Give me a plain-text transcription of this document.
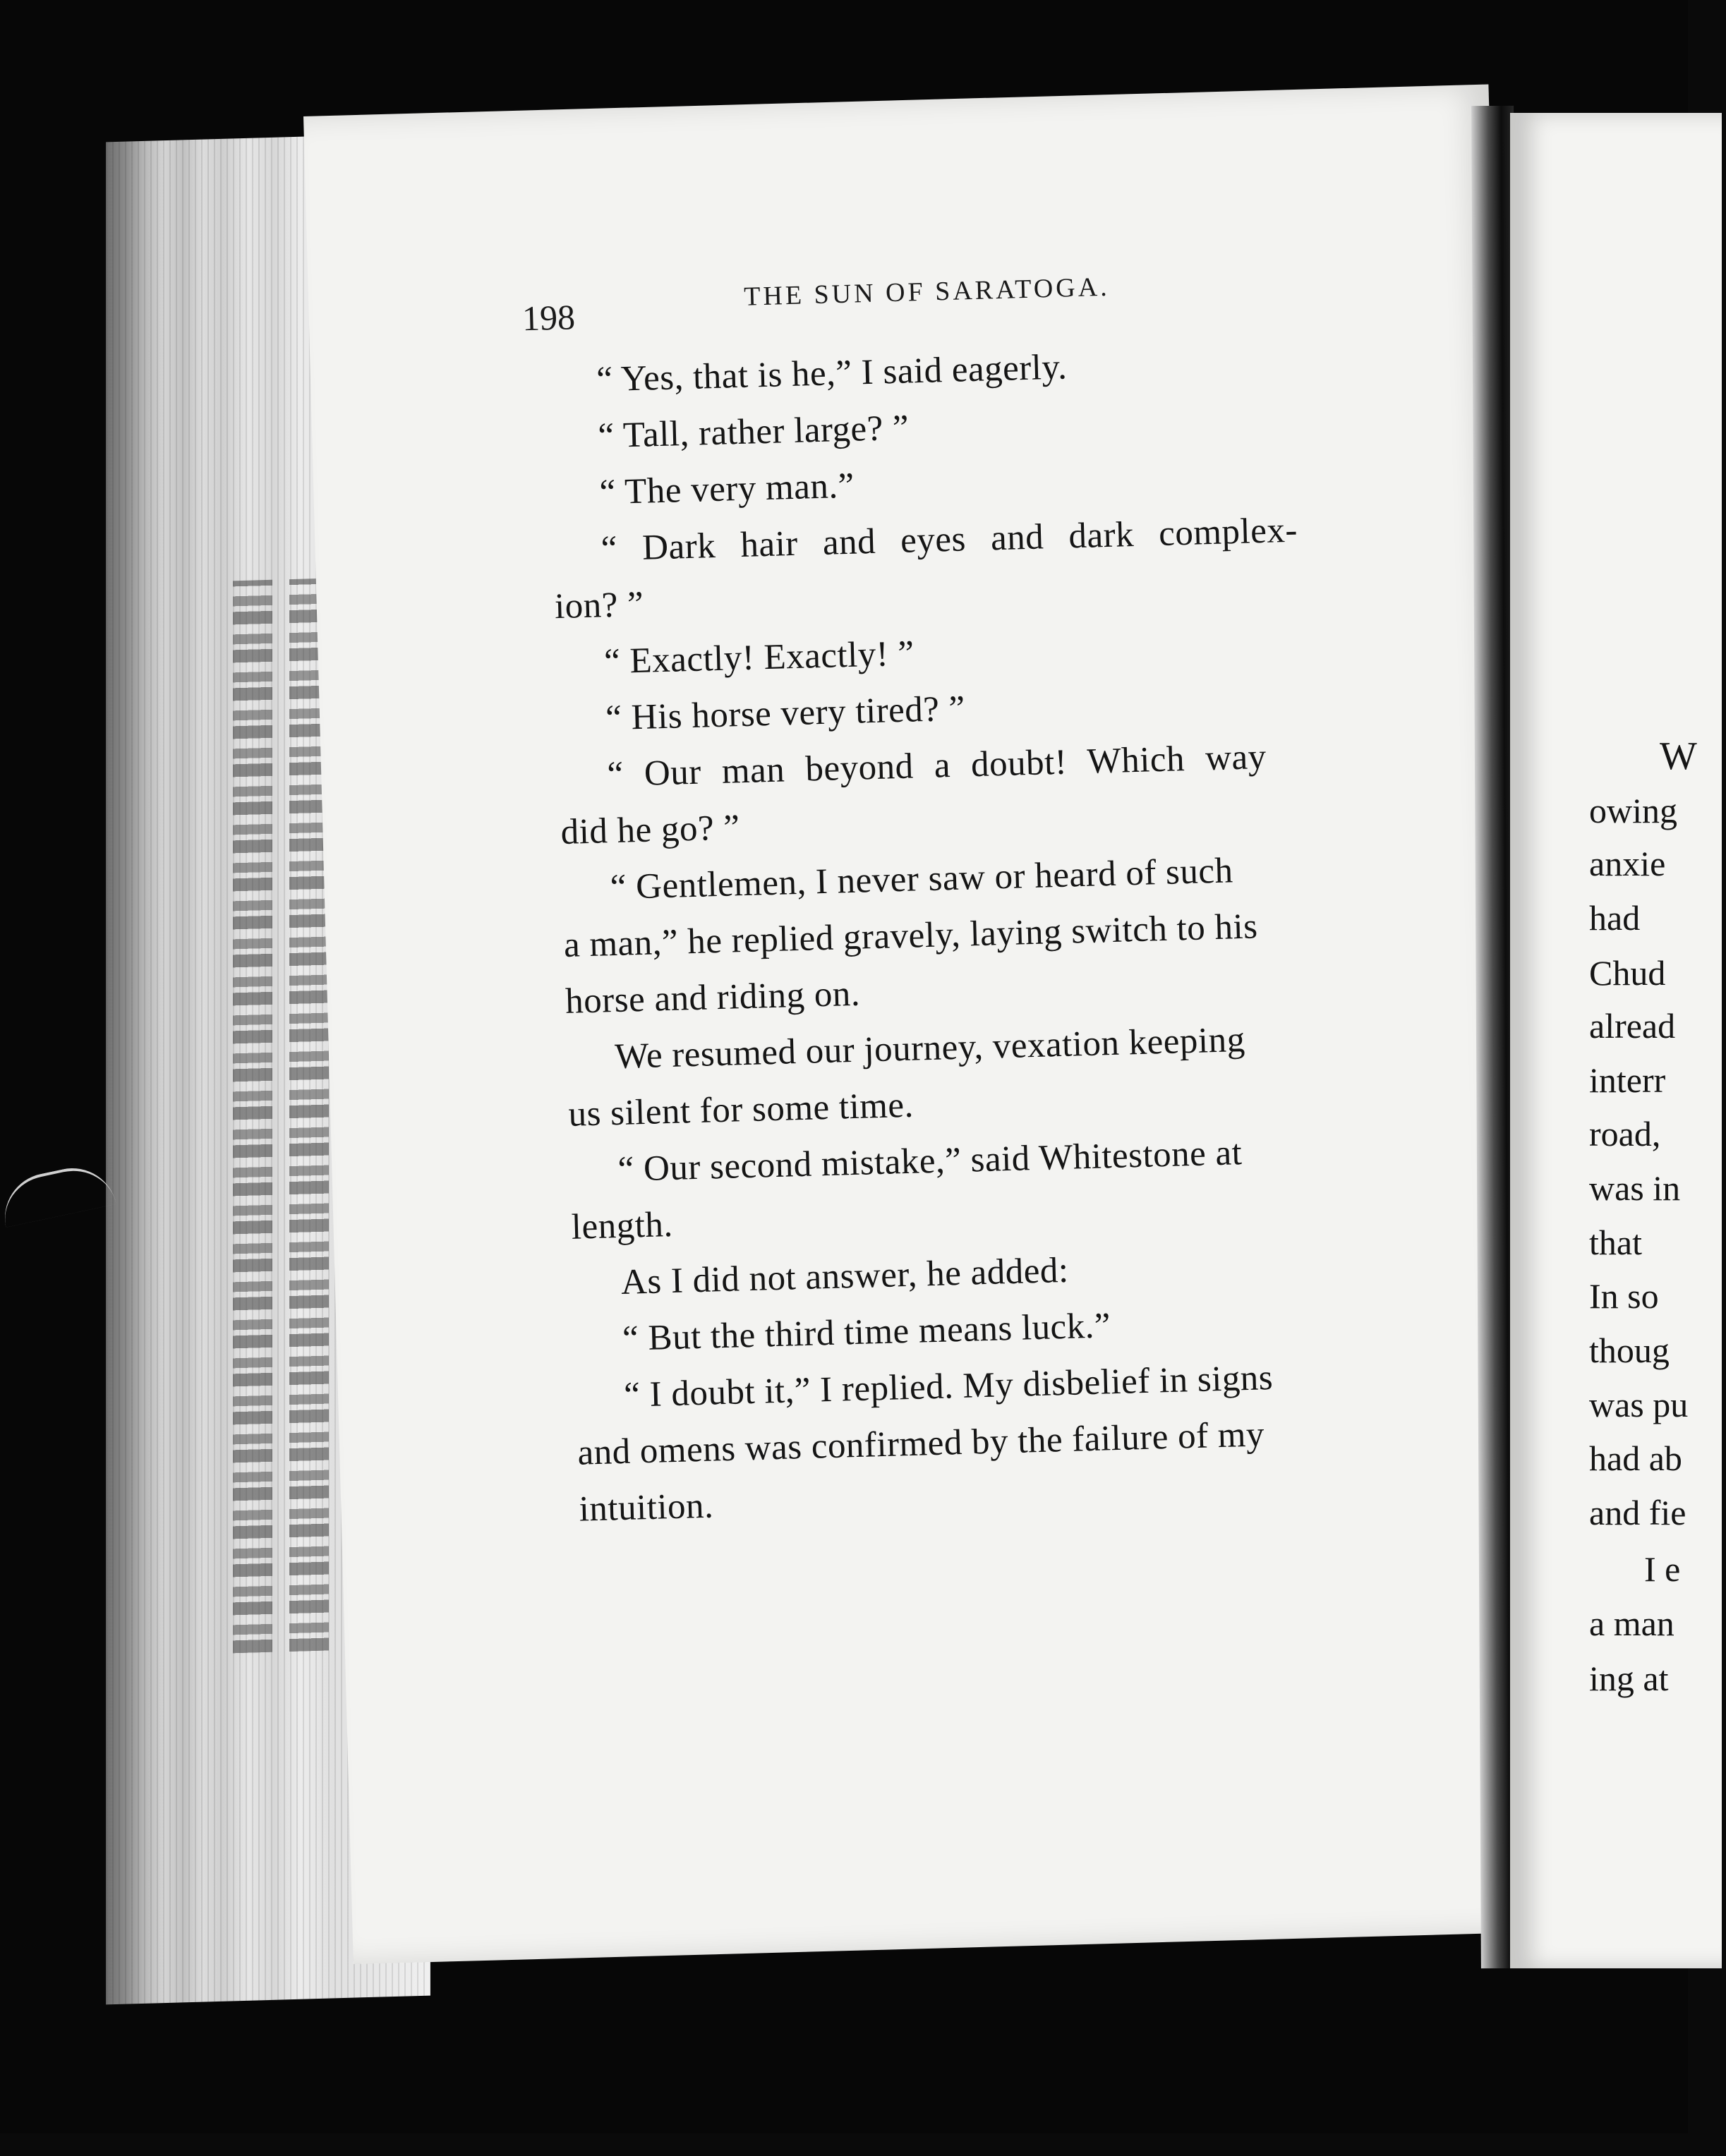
198
THE SUN OF SARATOGA.
“ Yes, that is he,” I said eagerly.
“ Tall, rather large? ”
“ The very man.”
“ Dark hair and eyes and dark complex-
ion? ”
“ Exactly! Exactly! ”
“ His horse very tired? ”
“ Our man beyond a doubt! Which way
did he go? ”
“ Gentlemen, I never saw or heard of such
a man,” he replied gravely, laying switch to his
horse and riding on.
We resumed our journey, vexation keeping
us silent for some time.
“ Our second mistake,” said Whitestone at
length.
As I did not answer, he added:
“ But the third time means luck.”
“ I doubt it,” I replied. My disbelief in signs
and omens was confirmed by the failure of my
intuition.
W
owing
anxie
had
Chud
alread
interr
road,
was in
that
In so
thoug
was pu
had ab
and fie
I e
a man
ing at
